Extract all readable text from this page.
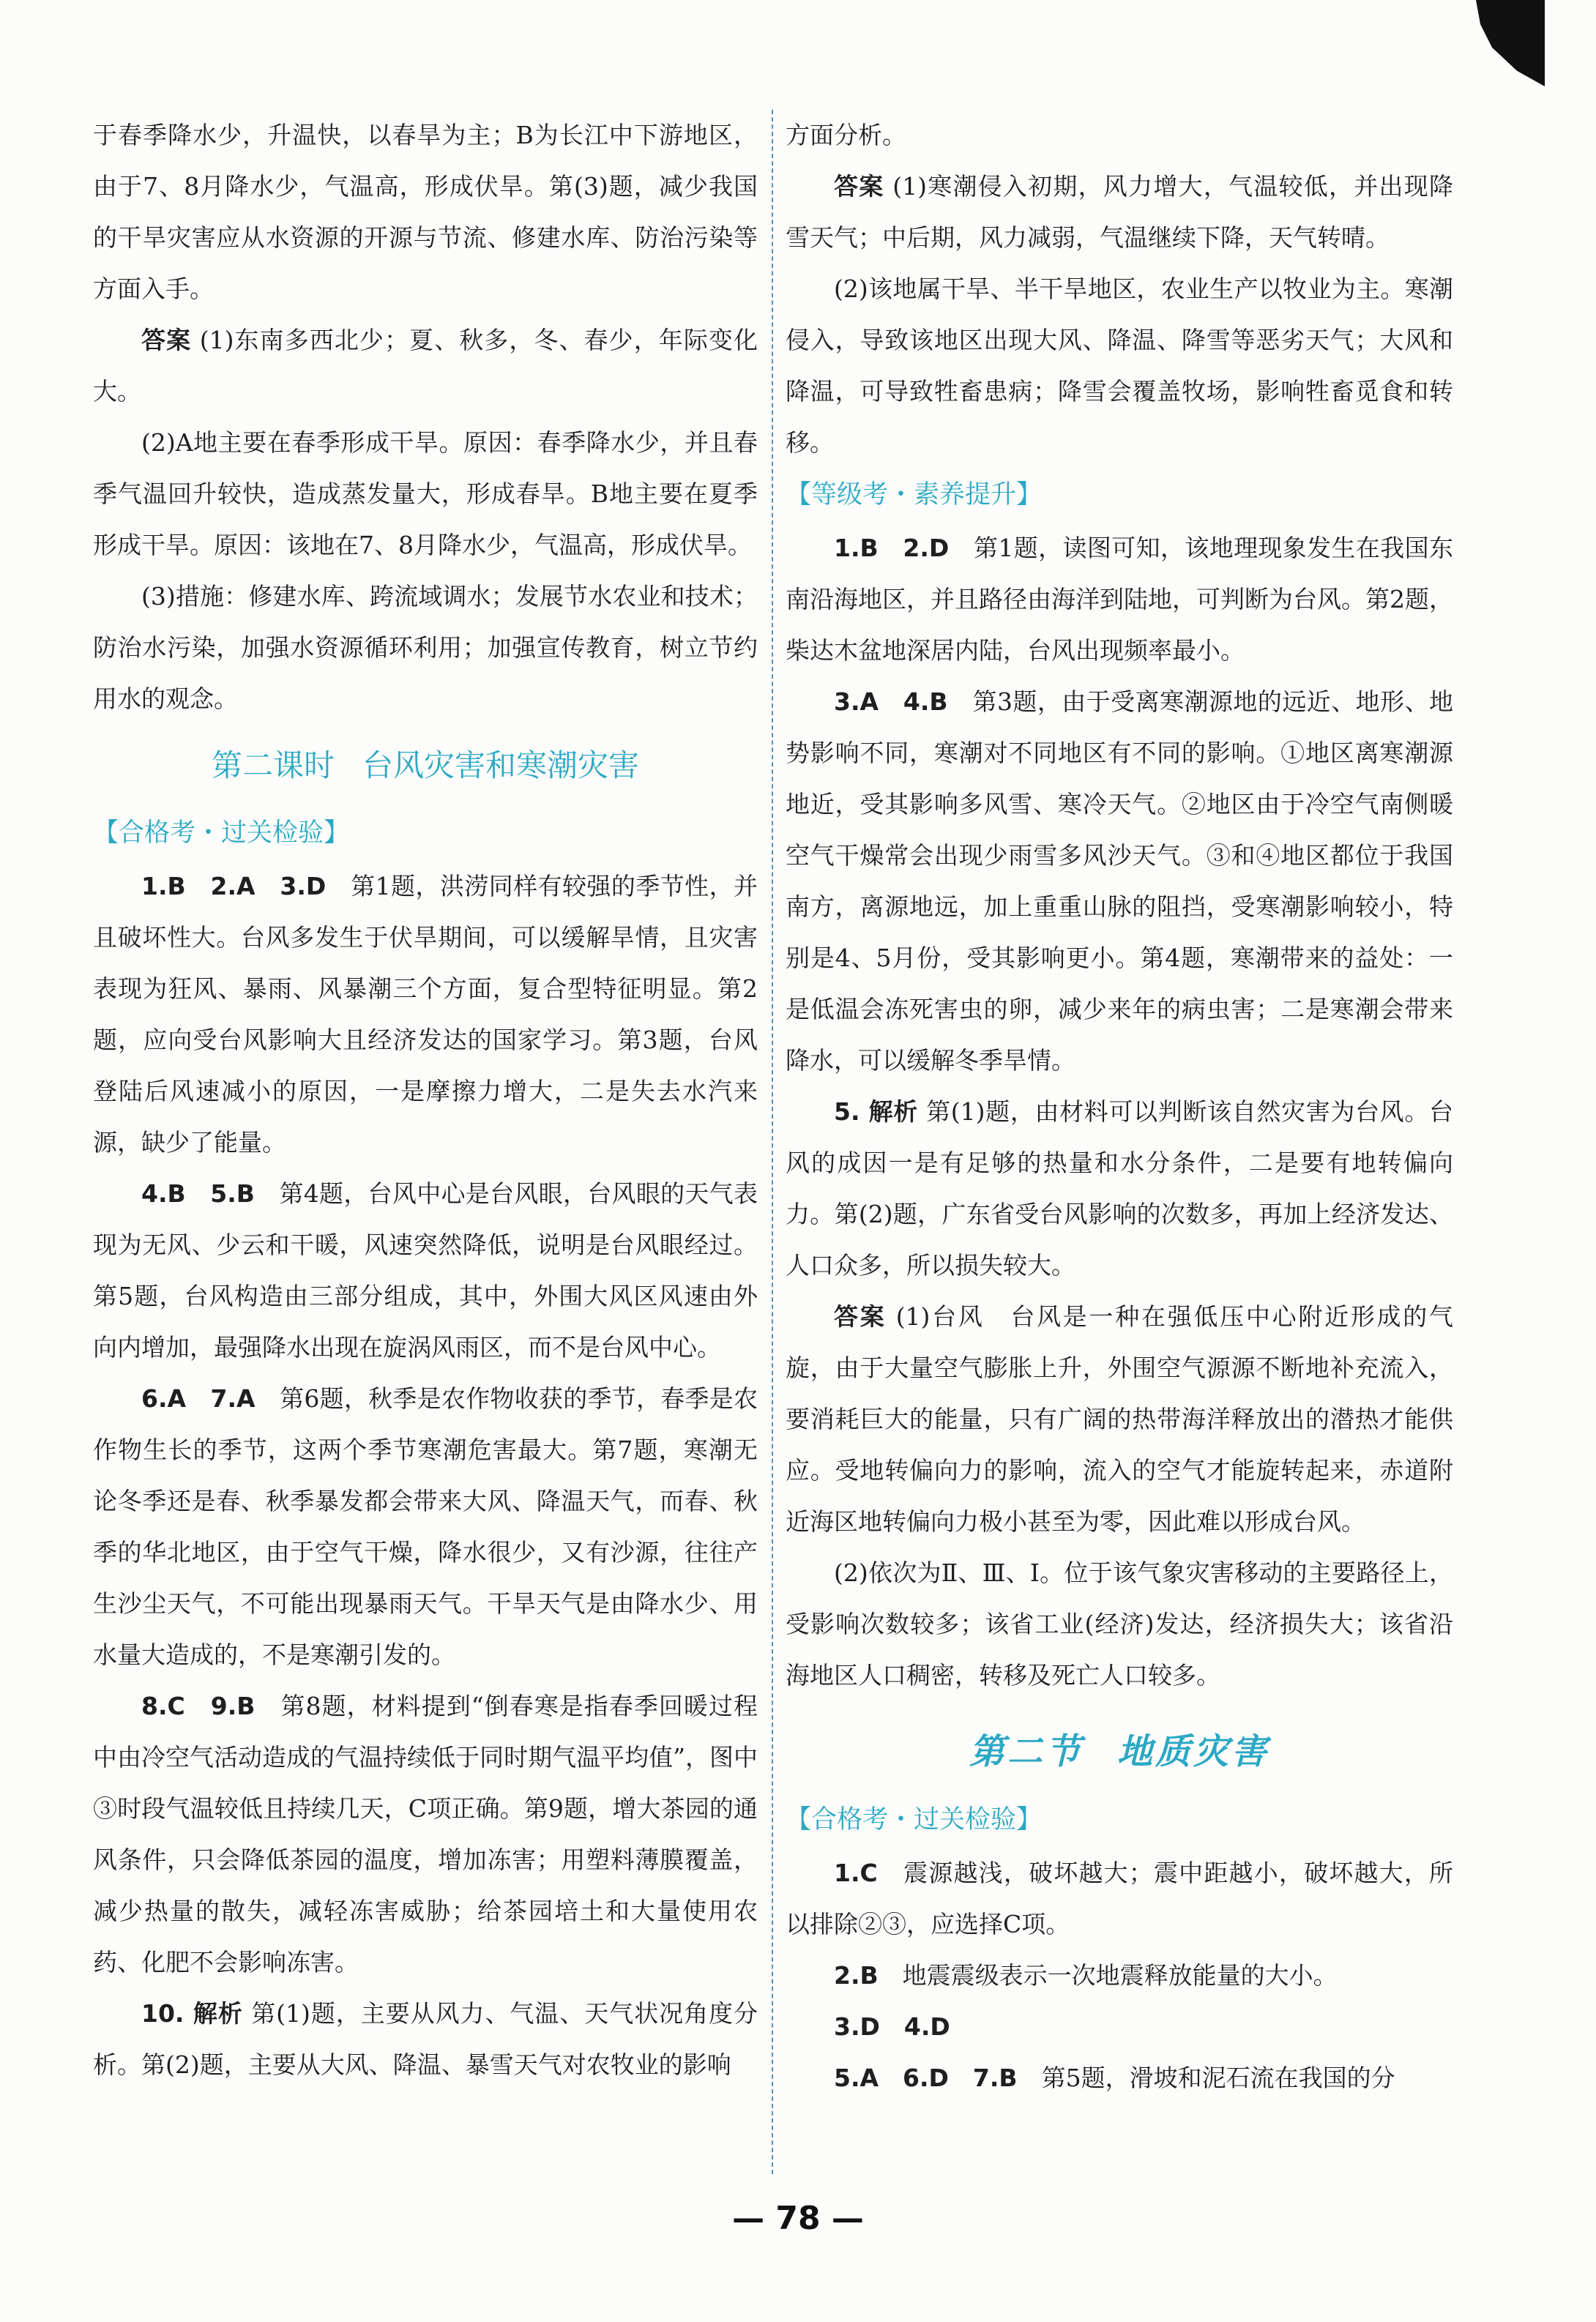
于春季降水少，升温快，以春旱为主；B为长江中下游地区，由于7、8月降水少，气温高，形成伏旱。第(3)题，减少我国的干旱灾害应从水资源的开源与节流、修建水库、防治污染等方面入手。

答案 (1)东南多西北少；夏、秋多，冬、春少，年际变化大。

(2)A地主要在春季形成干旱。原因：春季降水少，并且春季气温回升较快，造成蒸发量大，形成春旱。B地主要在夏季形成干旱。原因：该地在7、8月降水少，气温高，形成伏旱。

(3)措施：修建水库、跨流域调水；发展节水农业和技术；防治水污染，加强水资源循环利用；加强宣传教育，树立节约用水的观念。

第二课时 台风灾害和寒潮灾害
【合格考・过关检验】

1.B　2.A　3.D　 第1题，洪涝同样有较强的季节性，并且破坏性大。台风多发生于伏旱期间，可以缓解旱情，且灾害表现为狂风、暴雨、风暴潮三个方面，复合型特征明显。第2题，应向受台风影响大且经济发达的国家学习。第3题，台风登陆后风速减小的原因，一是摩擦力增大，二是失去水汽来源，缺少了能量。

4.B　5.B　 第4题，台风中心是台风眼，台风眼的天气表现为无风、少云和干暖，风速突然降低，说明是台风眼经过。第5题，台风构造由三部分组成，其中，外围大风区风速由外向内增加，最强降水出现在旋涡风雨区，而不是台风中心。

6.A　7.A　 第6题，秋季是农作物收获的季节，春季是农作物生长的季节，这两个季节寒潮危害最大。第7题，寒潮无论冬季还是春、秋季暴发都会带来大风、降温天气，而春、秋季的华北地区，由于空气干燥，降水很少，又有沙源，往往产生沙尘天气，不可能出现暴雨天气。干旱天气是由降水少、用水量大造成的，不是寒潮引发的。

8.C　9.B　 第8题，材料提到“倒春寒是指春季回暖过程中由冷空气活动造成的气温持续低于同时期气温平均值”，图中③时段气温较低且持续几天，C项正确。第9题，增大茶园的通风条件，只会降低茶园的温度，增加冻害；用塑料薄膜覆盖，减少热量的散失，减轻冻害威胁；给茶园培土和大量使用农药、化肥不会影响冻害。

10. 解析 第(1)题，主要从风力、气温、天气状况角度分析。第(2)题，主要从大风、降温、暴雪天气对农牧业的影响

方面分析。

答案 (1)寒潮侵入初期，风力增大，气温较低，并出现降雪天气；中后期，风力减弱，气温继续下降，天气转晴。

(2)该地属干旱、半干旱地区，农业生产以牧业为主。寒潮侵入，导致该地区出现大风、降温、降雪等恶劣天气；大风和降温，可导致牲畜患病；降雪会覆盖牧场，影响牲畜觅食和转移。

【等级考・素养提升】

1.B　2.D　 第1题，读图可知，该地理现象发生在我国东南沿海地区，并且路径由海洋到陆地，可判断为台风。第2题，柴达木盆地深居内陆，台风出现频率最小。

3.A　4.B　 第3题，由于受离寒潮源地的远近、地形、地势影响不同，寒潮对不同地区有不同的影响。①地区离寒潮源地近，受其影响多风雪、寒冷天气。②地区由于冷空气南侧暖空气干燥常会出现少雨雪多风沙天气。③和④地区都位于我国南方，离源地远，加上重重山脉的阻挡，受寒潮影响较小，特别是4、5月份，受其影响更小。第4题，寒潮带来的益处：一是低温会冻死害虫的卵，减少来年的病虫害；二是寒潮会带来降水，可以缓解冬季旱情。

5. 解析 第(1)题，由材料可以判断该自然灾害为台风。台风的成因一是有足够的热量和水分条件，二是要有地转偏向力。第(2)题，广东省受台风影响的次数多，再加上经济发达、人口众多，所以损失较大。

答案 (1)台风　台风是一种在强低压中心附近形成的气旋，由于大量空气膨胀上升，外围空气源源不断地补充流入，要消耗巨大的能量，只有广阔的热带海洋释放出的潜热才能供应。受地转偏向力的影响，流入的空气才能旋转起来，赤道附近海区地转偏向力极小甚至为零，因此难以形成台风。

(2)依次为Ⅱ、Ⅲ、Ⅰ。位于该气象灾害移动的主要路径上，受影响次数较多；该省工业(经济)发达，经济损失大；该省沿海地区人口稠密，转移及死亡人口较多。

第二节 地质灾害
【合格考・过关检验】

1.C　 震源越浅，破坏越大；震中距越小，破坏越大，所以排除②③，应选择C项。

2.B　 地震震级表示一次地震释放能量的大小。

3.D　4.D

5.A　6.D　7.B　 第5题，滑坡和泥石流在我国的分

— 78 —
